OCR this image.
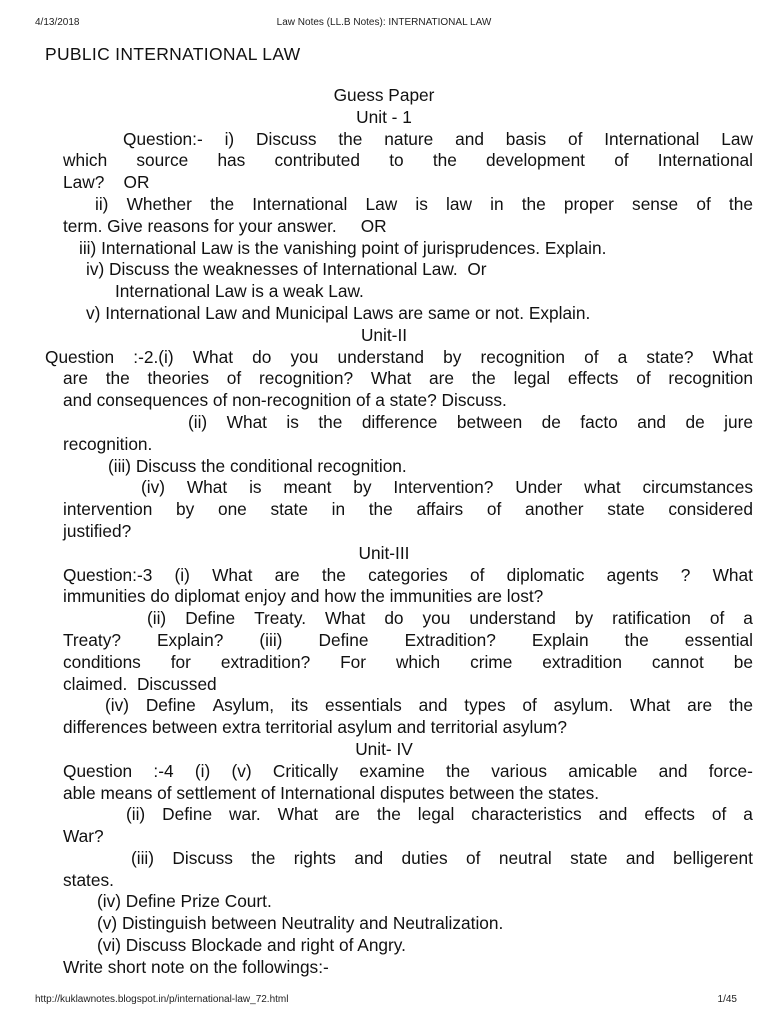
4/13/2018	Law Notes (LL.B Notes): INTERNATIONAL LAW
PUBLIC INTERNATIONAL LAW
Guess Paper
Unit - 1
Question:- i) Discuss the nature and basis of International Law
which source has contributed to the development of International
Law?    OR
ii) Whether the International Law is law in the proper sense of the
term. Give reasons for your answer.     OR
iii) International Law is the vanishing point of jurisprudences. Explain.
iv) Discuss the weaknesses of International Law.  Or
International Law is a weak Law.
v) International Law and Municipal Laws are same or not. Explain.
Unit-II
Question :-2.(i) What do you understand by recognition of a state? What
are the theories of recognition? What are the legal effects of recognition
and consequences of non-recognition of a state? Discuss.
(ii) What is the difference between de facto and de jure
recognition.
(iii) Discuss the conditional recognition.
(iv) What is meant by Intervention? Under what circumstances
intervention by one state in the affairs of another state considered
justified?
Unit-III
Question:-3 (i) What are the categories of diplomatic agents ? What
immunities do diplomat enjoy and how the immunities are lost?
(ii) Define Treaty. What do you understand by ratification of a
Treaty? Explain? (iii) Define Extradition? Explain the essential
conditions for extradition? For which crime extradition cannot be
claimed.  Discussed
(iv) Define Asylum, its essentials and types of asylum. What are the
differences between extra territorial asylum and territorial asylum?
Unit- IV
Question :-4 (i) (v) Critically examine the various amicable and force-
able means of settlement of International disputes between the states.
(ii) Define war. What are the legal characteristics and effects of a
War?
(iii) Discuss the rights and duties of neutral state and belligerent
states.
(iv) Define Prize Court.
(v) Distinguish between Neutrality and Neutralization.
(vi) Discuss Blockade and right of Angry.
Write short note on the followings:-
http://kuklawnotes.blogspot.in/p/international-law_72.html	1/45
